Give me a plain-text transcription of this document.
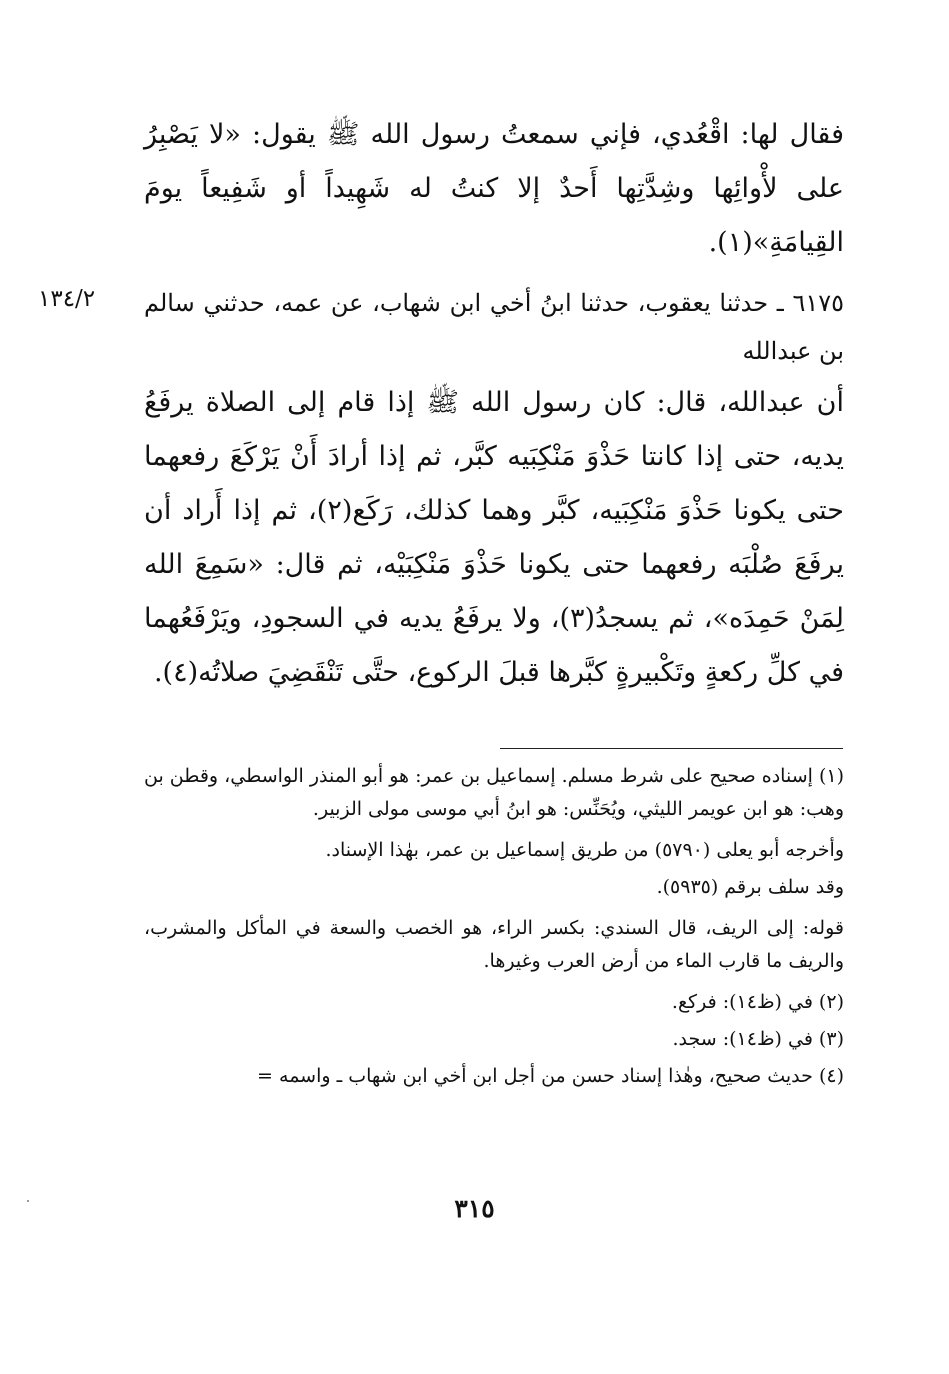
فقال لها: اقْعُدي، فإني سمعتُ رسول الله ﷺ يقول: «لا يَصْبِرُ على لأْوائِها وشِدَّتِها أَحدٌ إلا كنتُ له شَهِيداً أو شَفِيعاً يومَ القِيامَةِ»(١).

١٣٤/٢ ٦١٧٥ ـ حدثنا يعقوب، حدثنا ابنُ أخي ابن شهاب، عن عمه، حدثني سالم بن عبدالله

أن عبدالله، قال: كان رسول الله ﷺ إذا قام إلى الصلاة يرفَعُ يديه، حتى إذا كانتا حَذْوَ مَنْكِبَيه كبَّر، ثم إذا أرادَ أَنْ يَرْكَعَ رفعهما حتى يكونا حَذْوَ مَنْكِبَيه، كبَّر وهما كذلك، رَكَع(٢)، ثم إذا أَراد أن يرفَعَ صُلْبَه رفعهما حتى يكونا حَذْوَ مَنْكِبَيْه، ثم قال: «سَمِعَ الله لِمَنْ حَمِدَه»، ثم يسجدُ(٣)، ولا يرفَعُ يديه في السجودِ، ويَرْفَعُهما في كلِّ ركعةٍ وتَكْبيرةٍ كبَّرها قبلَ الركوع، حتَّى تَنْقَضِيَ صلاتُه(٤).

(١) إسناده صحيح على شرط مسلم. إسماعيل بن عمر: هو أبو المنذر الواسطي، وقطن بن وهب: هو ابن عويمر الليثي، ويُحَنِّس: هو ابنُ أبي موسى مولى الزبير.

وأخرجه أبو يعلى (٥٧٩٠) من طريق إسماعيل بن عمر، بهٰذا الإسناد.

وقد سلف برقم (٥٩٣٥).

قوله: إلى الريف، قال السندي: بكسر الراء، هو الخصب والسعة في المأكل والمشرب، والريف ما قارب الماء من أرض العرب وغيرها.

(٢) في (ظ١٤): فركع.

(٣) في (ظ١٤): سجد.

(٤) حديث صحيح، وهٰذا إسناد حسن من أجل ابن أخي ابن شهاب ـ واسمه =

٣١٥
